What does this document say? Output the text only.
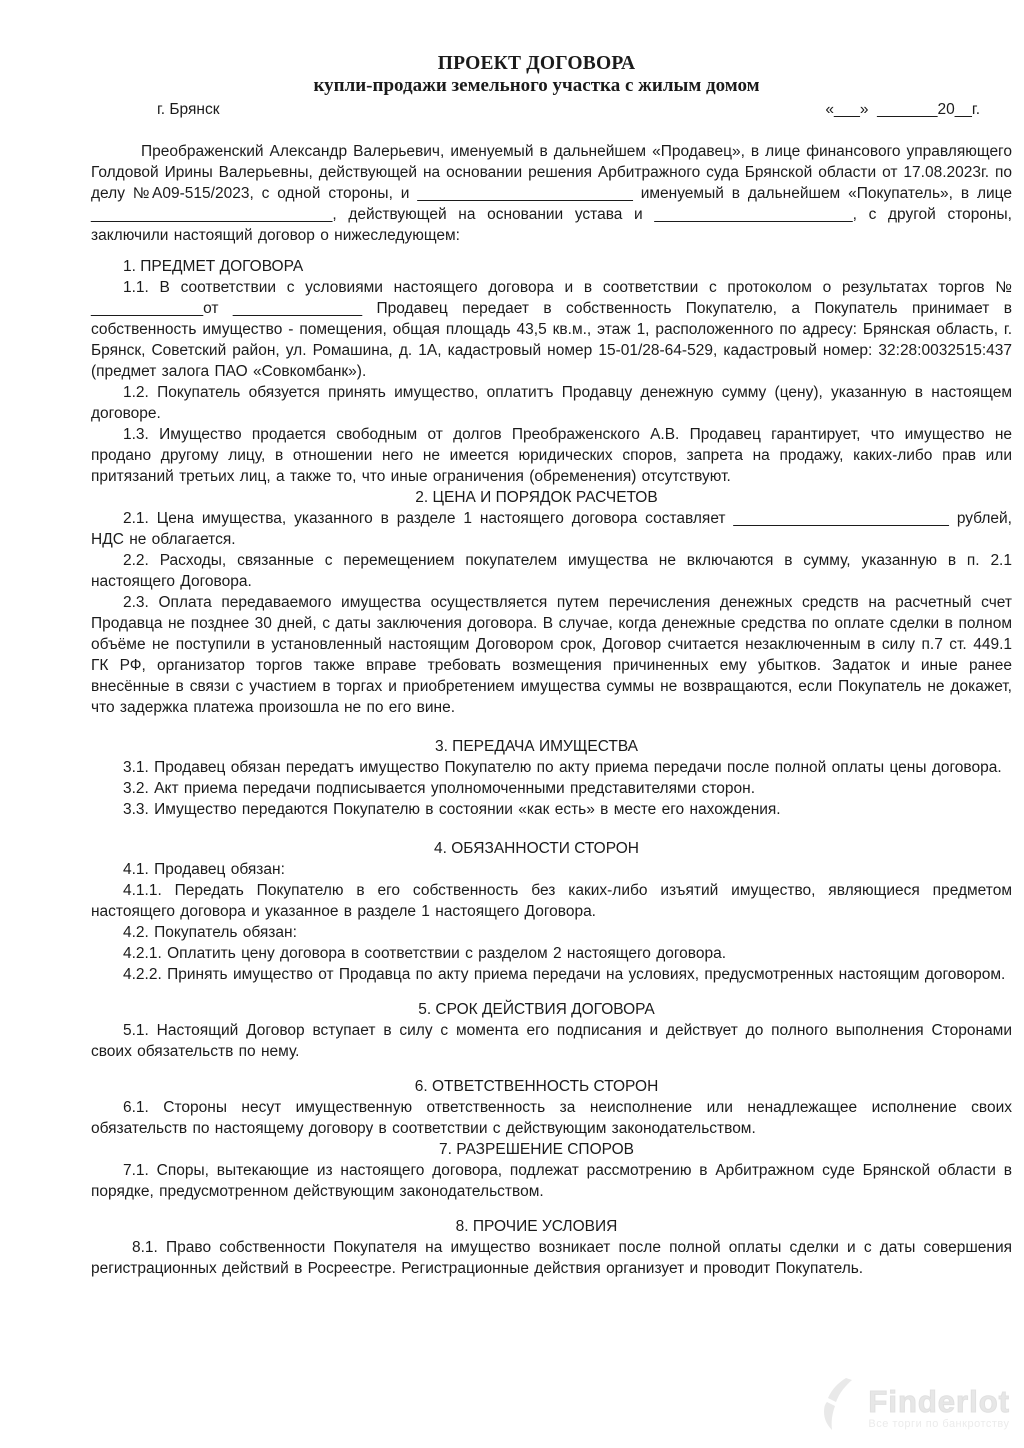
ПРОЕКТ ДОГОВОРА
купли-продажи земельного участка с жилым домом
г. Брянск	«___»  _______20__г.

Преображенский Александр Валерьевич, именуемый в дальнейшем «Продавец», в лице финансового управляющего Голдовой Ирины Валерьевны, действующей на основании решения Арбитражного суда Брянской области от 17.08.2023г. по делу №А09-515/2023, с одной стороны, и _________________________ именуемый в дальнейшем «Покупатель», в лице ____________________________, действующей на основании устава и _______________________, с другой стороны, заключили настоящий договор о нижеследующем:

1. ПРЕДМЕТ ДОГОВОРА

1.1. В соответствии с условиями настоящего договора и в соответствии с протоколом о результатах торгов № _____________от _______________ Продавец передает в собственность Покупателю, а Покупатель принимает в собственность имущество - помещения, общая площадь 43,5 кв.м., этаж 1, расположенного по адресу: Брянская область, г. Брянск, Советский район, ул. Ромашина, д. 1А, кадастровый номер 15-01/28-64-529, кадастровый номер: 32:28:0032515:437 (предмет залога ПАО «Совкомбанк»).

1.2. Покупатель обязуется принять имущество, оплатитъ Продавцу денежную сумму (цену), указанную в настоящем договоре.

1.3. Имущество продается свободным от долгов Преображенского А.В. Продавец гарантирует, что имущество не продано другому лицу, в отношении него не имеется юридических споров, запрета на продажу, каких-либо прав или притязаний третьих лиц, а также то, что иные ограничения (обременения) отсутствуют.

2. ЦЕНА И ПОРЯДОК РАСЧЕТОВ

2.1. Цена имущества, указанного в разделе 1 настоящего договора составляет _________________________ рублей, НДС не облагается.

2.2. Расходы, связанные с перемещением покупателем имущества не включаются в сумму, указанную в п. 2.1 настоящего Договора.

2.3. Оплата передаваемого имущества осуществляется путем перечисления денежных средств на расчетный счет Продавца не позднее 30 дней, с даты заключения договора. В случае, когда денежные средства по оплате сделки в полном объёме не поступили в установленный настоящим Договором срок, Договор считается незаключенным в силу п.7 ст. 449.1 ГК РФ, организатор торгов также вправе требовать возмещения причиненных ему убытков. Задаток и иные ранее внесённые в связи с участием в торгах и приобретением имущества суммы не возвращаются, если Покупатель не докажет, что задержка платежа произошла не по его вине.

3. ПЕРЕДАЧА ИМУЩЕСТВА

3.1. Продавец обязан передатъ имущество Покупателю по акту приема передачи после полной оплаты цены договора.

3.2. Акт приема передачи подписывается уполномоченными представителями сторон.

3.3. Имущество передаются Покупателю в состоянии «как есть» в месте его нахождения.

4. ОБЯЗАННОСТИ СТОРОН

4.1. Продавец обязан:

4.1.1. Передать Покупателю в его собственность без каких-либо изъятий имущество, являющиеся предметом настоящего договора и указанное в разделе 1 настоящего Договора.

4.2. Покупатель обязан:

4.2.1. Оплатить цену договора в соответствии с разделом 2 настоящего договора.

4.2.2. Принять имущество от Продавца по акту приема передачи на условиях, предусмотренных настоящим договором.

5. СРОК ДЕЙСТВИЯ ДОГОВОРА

5.1. Настоящий Договор вступает в силу с момента его подписания и действует до полного выполнения Сторонами своих обязательств по нему.

6. ОТВЕТСТВЕННОСТЬ СТОРОН

6.1. Стороны несут имущественную ответственность за неисполнение или ненадлежащее исполнение своих обязательств по настоящему договору в соответствии с действующим законодательством.

7. РАЗРЕШЕНИЕ СПОРОВ

7.1. Споры, вытекающие из настоящего договора, подлежат рассмотрению в Арбитражном суде Брянской области в порядке, предусмотренном действующим законодательством.

8. ПРОЧИЕ УСЛОВИЯ

8.1. Право собственности Покупателя на имущество возникает после полной оплаты сделки и с даты совершения регистрационных действий в Росреестре. Регистрационные действия организует и проводит Покупатель.

Finderlot
Все торги по банкротству
